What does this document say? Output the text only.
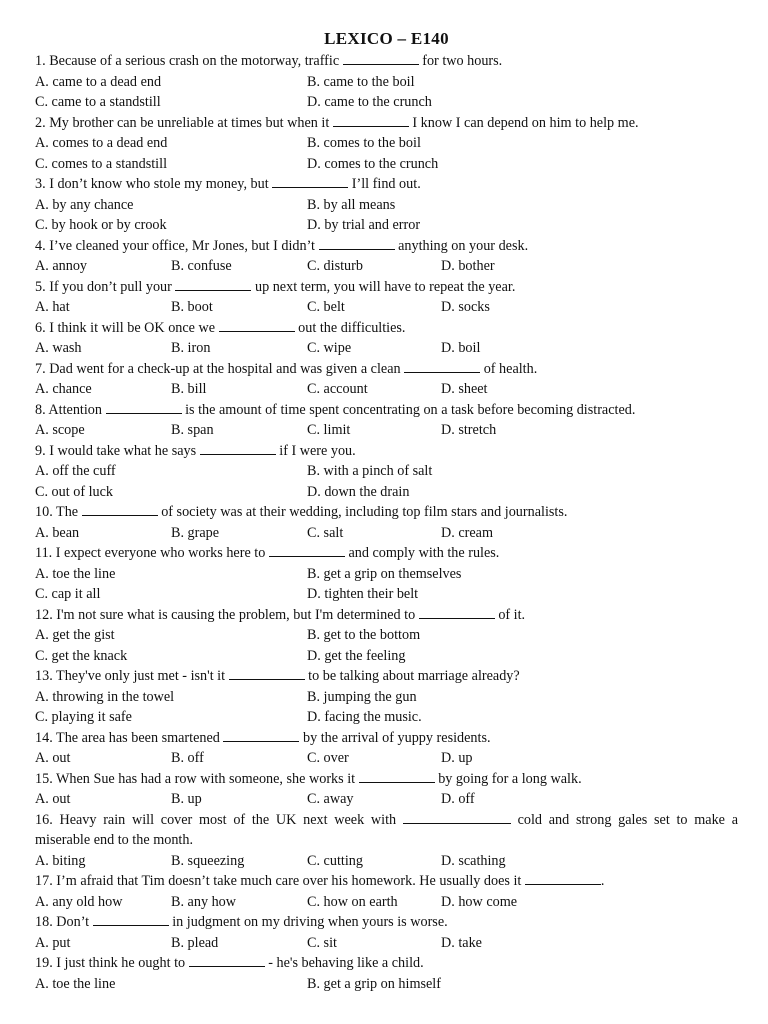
LEXICO – E140
1. Because of a serious crash on the motorway, traffic	for two hours.
A. came to a dead end	B. came to the boil
C. came to a standstill	D. came to the crunch
2. My brother can be unreliable at times but when it	I know I can depend on him to help me.
A. comes to a dead end	B. comes to the boil
C. comes to a standstill	D. comes to the crunch
3. I don’t know who stole my money, but	I’ll find out.
A. by any chance	B. by all means
C. by hook or by crook	D. by trial and error
4. I’ve cleaned your office, Mr Jones, but I didn’t	anything on your desk.
A. annoy	B. confuse	C. disturb	D. bother
5. If you don’t pull your	up next term, you will have to repeat the year.
A. hat	B. boot	C. belt	D. socks
6. I think it will be OK once we	out the difficulties.
A. wash	B. iron	C. wipe	D. boil
7. Dad went for a check-up at the hospital and was given a clean	of health.
A. chance	B. bill	C. account	D. sheet
8. Attention	is the amount of time spent concentrating on a task before becoming distracted.
A. scope	B. span	C. limit	D. stretch
9. I would take what he says	if I were you.
A. off the cuff	B. with a pinch of salt
C. out of luck	D. down the drain
10. The	of society was at their wedding, including top film stars and journalists.
A. bean	B. grape	C. salt	D. cream
11. I expect everyone who works here to	and comply with the rules.
A. toe the line	B. get a grip on themselves
C. cap it all	D. tighten their belt
12. I'm not sure what is causing the problem, but I'm determined to	of it.
A. get the gist	B. get to the bottom
C. get the knack	D. get the feeling
13. They've only just met - isn't it	to be talking about marriage already?
A. throwing in the towel	B. jumping the gun
C. playing it safe	D. facing the music.
14. The area has been smartened	by the arrival of yuppy residents.
A. out	B. off	C. over	D. up
15. When Sue has had a row with someone, she works it	by going for a long walk.
A. out	B. up	C. away	D. off
16. Heavy rain will cover most of the UK next week with	cold and strong gales set to make a
miserable end to the month.
A. biting	B. squeezing	C. cutting	D. scathing
17. I’m afraid that Tim doesn’t take much care over his homework. He usually does it	.
A. any old how	B. any how	C. how on earth	D. how come
18. Don’t	in judgment on my driving when yours is worse.
A. put	B. plead	C. sit	D. take
19. I just think he ought to	- he's behaving like a child.
A. toe the line	B. get a grip on himself
